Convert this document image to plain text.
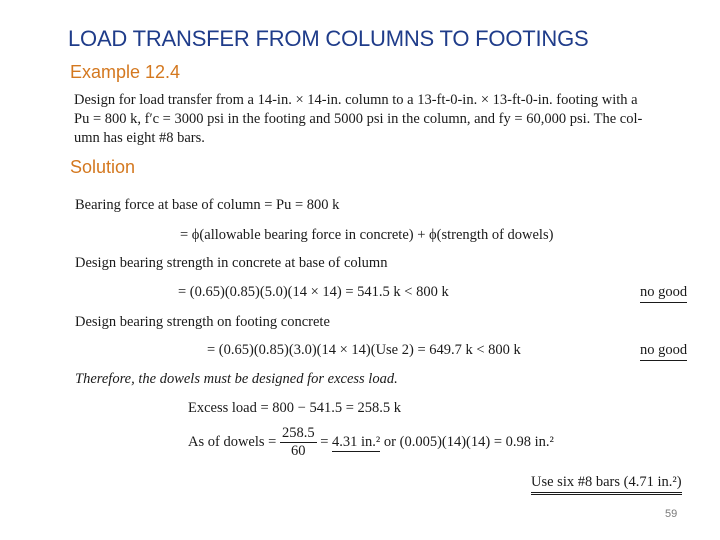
LOAD TRANSFER FROM COLUMNS TO FOOTINGS
Example 12.4
Design for load transfer from a 14-in. × 14-in. column to a 13-ft-0-in. × 13-ft-0-in. footing with a
Pu = 800 k, f′c = 3000 psi in the footing and 5000 psi in the column, and fy = 60,000 psi. The col-
umn has eight #8 bars.
Solution
Bearing force at base of column = Pu = 800 k
= ϕ(allowable bearing force in concrete) + ϕ(strength of dowels)
Design bearing strength in concrete at base of column
= (0.65)(0.85)(5.0)(14 × 14) = 541.5 k < 800 k	no good
Design bearing strength on footing concrete
= (0.65)(0.85)(3.0)(14 × 14)(Use 2) = 649.7 k < 800 k	no good
Therefore, the dowels must be designed for excess load.
Excess load = 800 − 541.5 = 258.5 k
As of dowels = $\frac{258.5}{60} = 4.31$ in.² or (0.005)(14)(14) = 0.98 in.²
Use six #8 bars (4.71 in.²)
59
